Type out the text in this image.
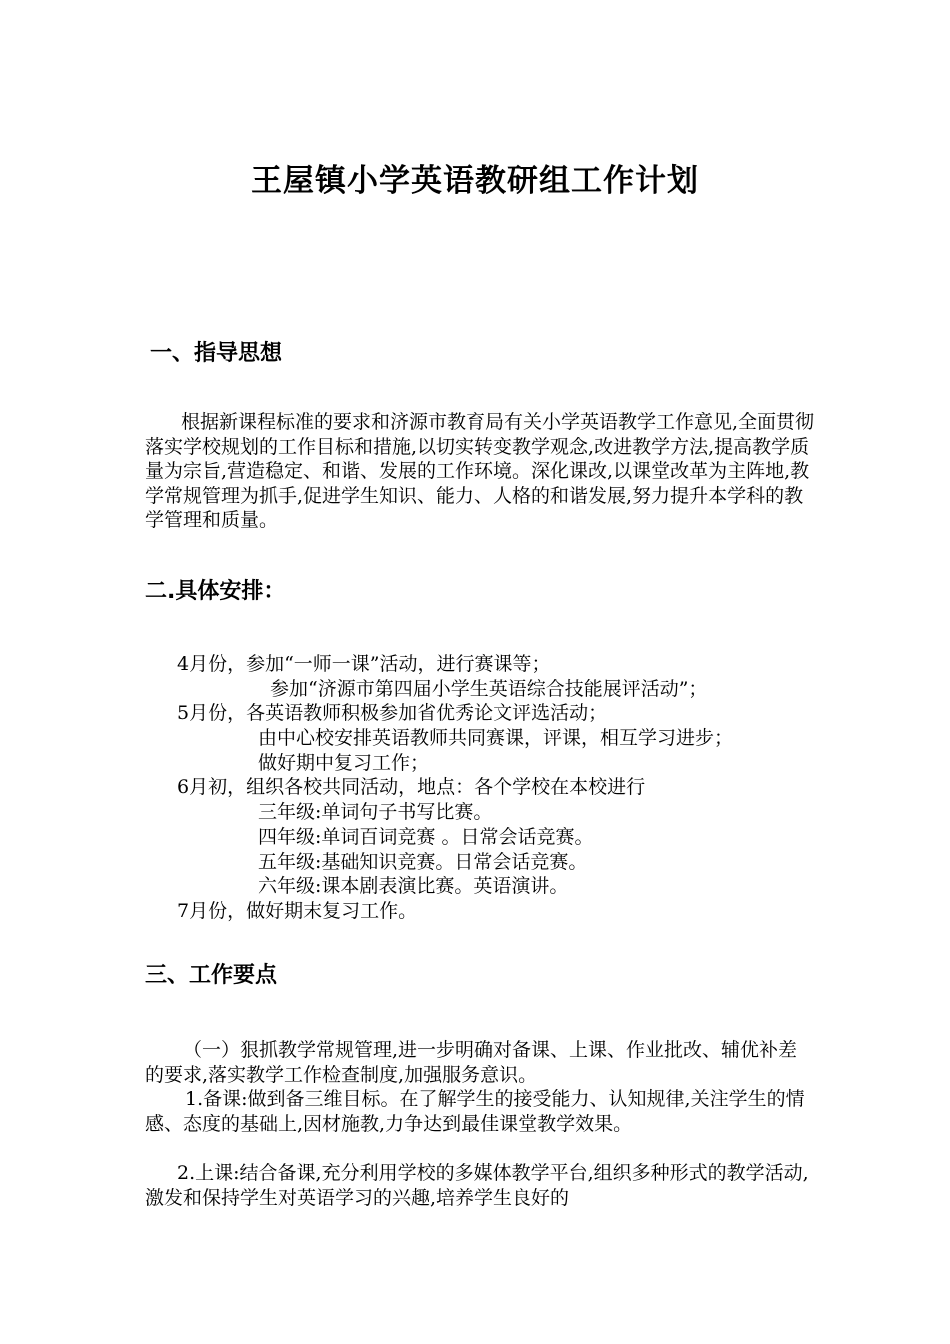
王屋镇小学英语教研组工作计划
一、指导思想

根据新课程标准的要求和济源市教育局有关小学英语教学工作意见,全面贯彻落实学校规划的工作目标和措施,以切实转变教学观念,改进教学方法,提高教学质量为宗旨,营造稳定、和谐、发展的工作环境。深化课改,以课堂改革为主阵地,教学常规管理为抓手,促进学生知识、能力、人格的和谐发展,努力提升本学科的教学管理和质量。

二.具体安排：
4月份，参加“一师一课”活动，进行赛课等；
参加“济源市第四届小学生英语综合技能展评活动”；
5月份，各英语教师积极参加省优秀论文评选活动；
由中心校安排英语教师共同赛课，评课，相互学习进步；
做好期中复习工作；
6月初，组织各校共同活动，地点：各个学校在本校进行
三年级:单词句子书写比赛。
四年级:单词百词竞赛 。日常会话竞赛。
五年级:基础知识竞赛。日常会话竞赛。
六年级:课本剧表演比赛。英语演讲。
7月份，做好期末复习工作。
三、工作要点

（一）狠抓教学常规管理,进一步明确对备课、上课、作业批改、辅优补差的要求,落实教学工作检查制度,加强服务意识。

1.备课:做到备三维目标。在了解学生的接受能力、认知规律,关注学生的情感、态度的基础上,因材施教,力争达到最佳课堂教学效果。

2.上课:结合备课,充分利用学校的多媒体教学平台,组织多种形式的教学活动,激发和保持学生对英语学习的兴趣,培养学生良好的
